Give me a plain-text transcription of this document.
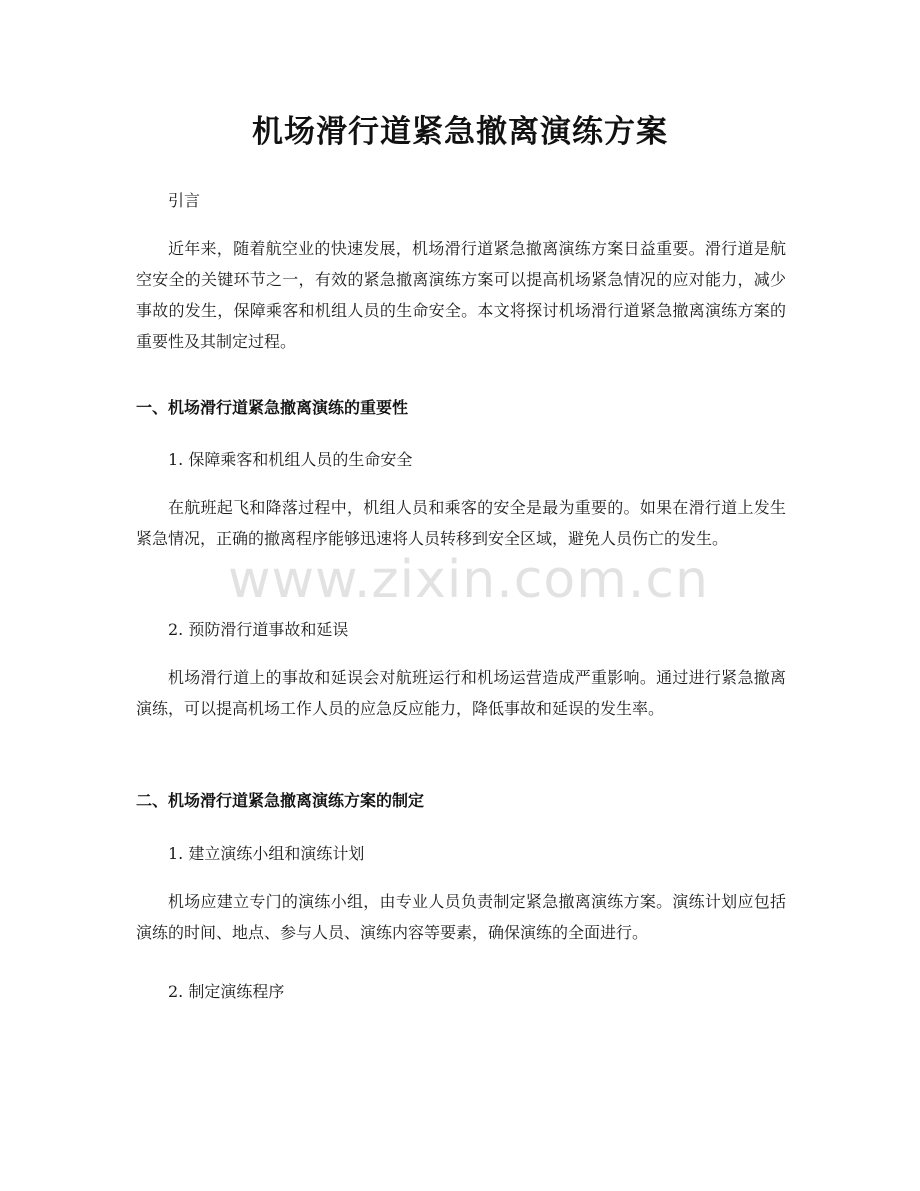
机场滑行道紧急撤离演练方案
引言
近年来，随着航空业的快速发展，机场滑行道紧急撤离演练方案日益重要。滑行道是航空安全的关键环节之一，有效的紧急撤离演练方案可以提高机场紧急情况的应对能力，减少事故的发生，保障乘客和机组人员的生命安全。本文将探讨机场滑行道紧急撤离演练方案的重要性及其制定过程。
一、机场滑行道紧急撤离演练的重要性
1. 保障乘客和机组人员的生命安全
在航班起飞和降落过程中，机组人员和乘客的安全是最为重要的。如果在滑行道上发生紧急情况，正确的撤离程序能够迅速将人员转移到安全区域，避免人员伤亡的发生。
2. 预防滑行道事故和延误
机场滑行道上的事故和延误会对航班运行和机场运营造成严重影响。通过进行紧急撤离演练，可以提高机场工作人员的应急反应能力，降低事故和延误的发生率。
二、机场滑行道紧急撤离演练方案的制定
1. 建立演练小组和演练计划
机场应建立专门的演练小组，由专业人员负责制定紧急撤离演练方案。演练计划应包括演练的时间、地点、参与人员、演练内容等要素，确保演练的全面进行。
2. 制定演练程序
www.zixin.com.cn
